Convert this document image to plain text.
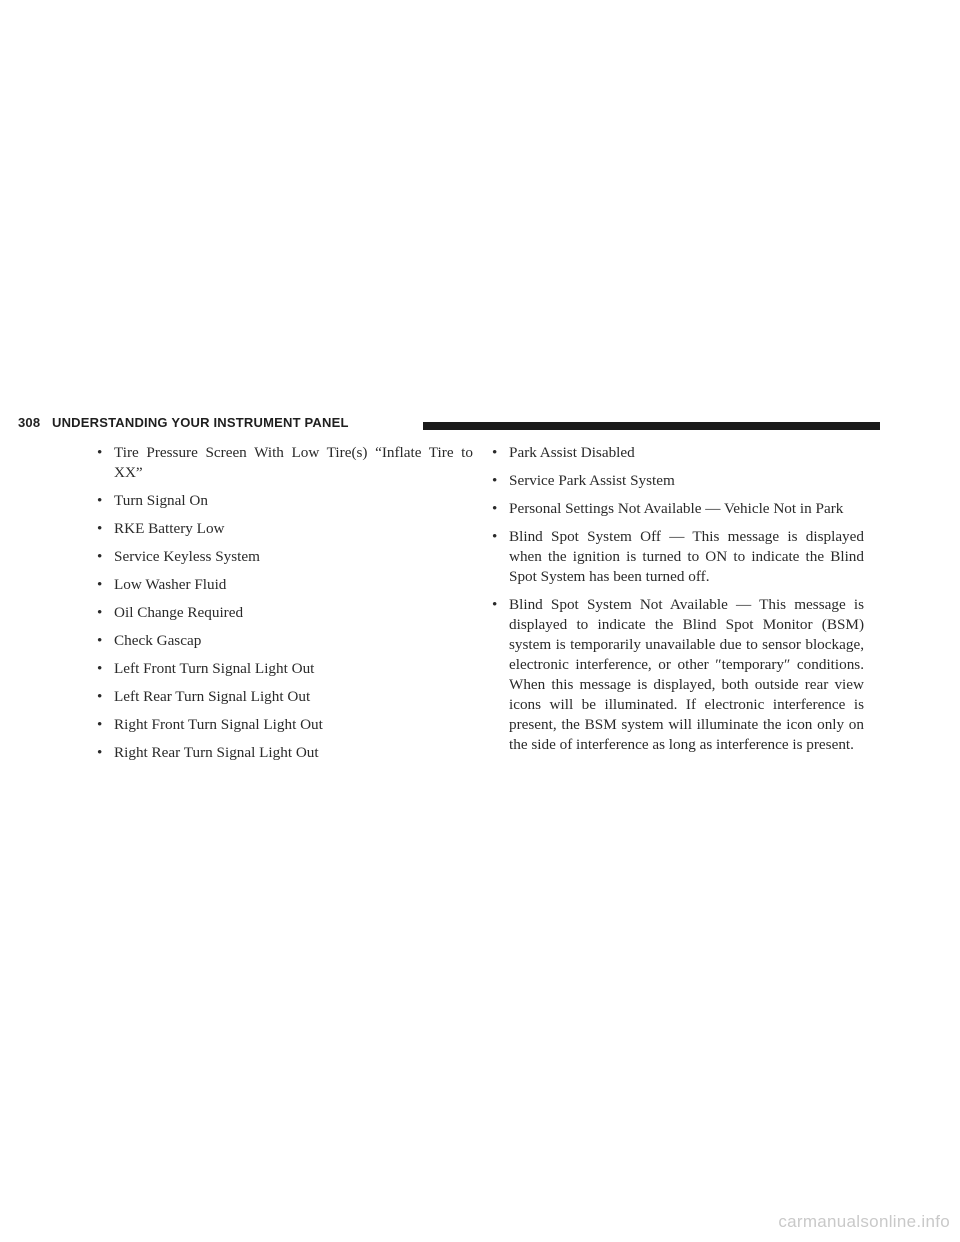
308 UNDERSTANDING YOUR INSTRUMENT PANEL
• Tire Pressure Screen With Low Tire(s) “Inflate Tire to XX”
• Turn Signal On
• RKE Battery Low
• Service Keyless System
• Low Washer Fluid
• Oil Change Required
• Check Gascap
• Left Front Turn Signal Light Out
• Left Rear Turn Signal Light Out
• Right Front Turn Signal Light Out
• Right Rear Turn Signal Light Out
• Park Assist Disabled
• Service Park Assist System
• Personal Settings Not Available — Vehicle Not in Park
• Blind Spot System Off — This message is displayed when the ignition is turned to ON to indicate the Blind Spot System has been turned off.
• Blind Spot System Not Available — This message is displayed to indicate the Blind Spot Monitor (BSM) system is temporarily unavailable due to sensor blockage, electronic interference, or other ″temporary″ conditions. When this message is displayed, both outside rear view icons will be illuminated. If electronic interference is present, the BSM system will illuminate the icon only on the side of interference as long as interference is present.
carmanualsonline.info
